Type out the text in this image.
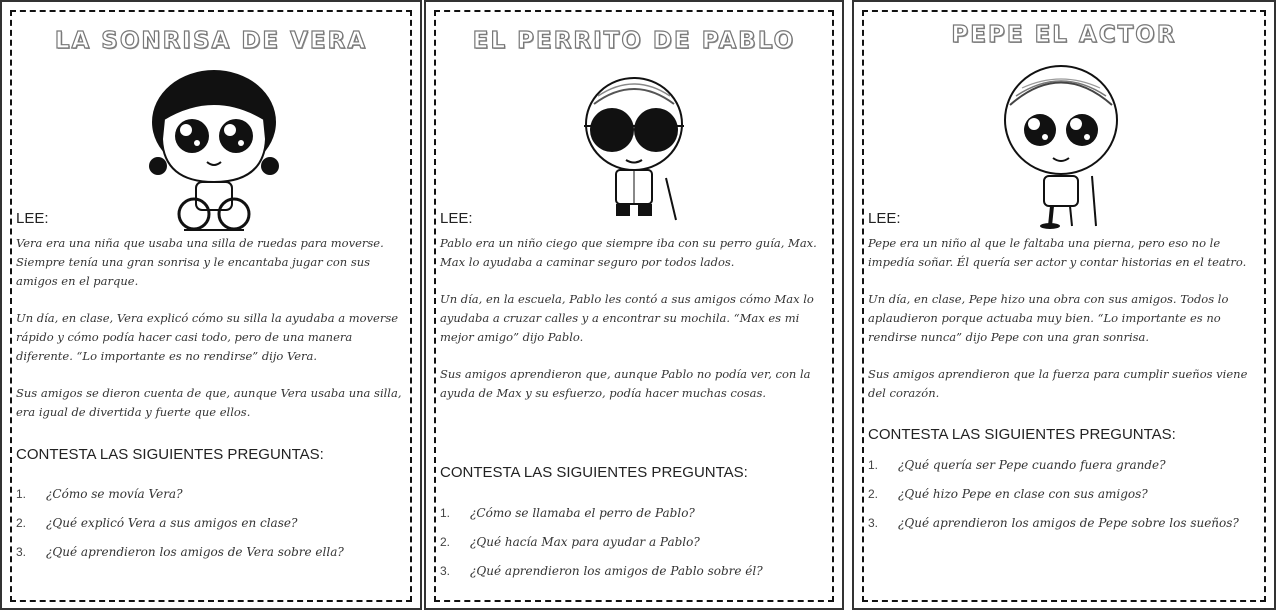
LA SONRISA DE VERA
LEE:

Vera era una niña que usaba una silla de ruedas para moverse. Siempre tenía una gran sonrisa y le encantaba jugar con sus amigos en el parque.

Un día, en clase, Vera explicó cómo su silla la ayudaba a moverse rápido y cómo podía hacer casi todo, pero de una manera diferente. “Lo importante es no rendirse” dijo Vera.

Sus amigos se dieron cuenta de que, aunque Vera usaba una silla, era igual de divertida y fuerte que ellos.

CONTESTA LAS SIGUIENTES PREGUNTAS:
1.	¿Cómo se movía Vera?
2.	¿Qué explicó Vera a sus amigos en clase?
3.	¿Qué aprendieron los amigos de Vera sobre ella?
EL PERRITO DE PABLO
LEE:

Pablo era un niño ciego que siempre iba con su perro guía, Max. Max lo ayudaba a caminar seguro por todos lados.

Un día, en la escuela, Pablo les contó a sus amigos cómo Max lo ayudaba a cruzar calles y a encontrar su mochila. “Max es mi mejor amigo” dijo Pablo.

Sus amigos aprendieron que, aunque Pablo no podía ver, con la ayuda de Max y su esfuerzo, podía hacer muchas cosas.

CONTESTA LAS SIGUIENTES PREGUNTAS:
1.	¿Cómo se llamaba el perro de Pablo?
2.	¿Qué hacía Max para ayudar a Pablo?
3.	¿Qué aprendieron los amigos de Pablo sobre él?
PEPE EL ACTOR
LEE:

Pepe era un niño al que le faltaba una pierna, pero eso no le impedía soñar. Él quería ser actor y contar historias en el teatro.

Un día, en clase, Pepe hizo una obra con sus amigos. Todos lo aplaudieron porque actuaba muy bien. “Lo importante es no rendirse nunca” dijo Pepe con una gran sonrisa.

Sus amigos aprendieron que la fuerza para cumplir sueños viene del corazón.

CONTESTA LAS SIGUIENTES PREGUNTAS:
1.	¿Qué quería ser Pepe cuando fuera grande?
2.	¿Qué hizo Pepe en clase con sus amigos?
3.	¿Qué aprendieron los amigos de Pepe sobre los sueños?
